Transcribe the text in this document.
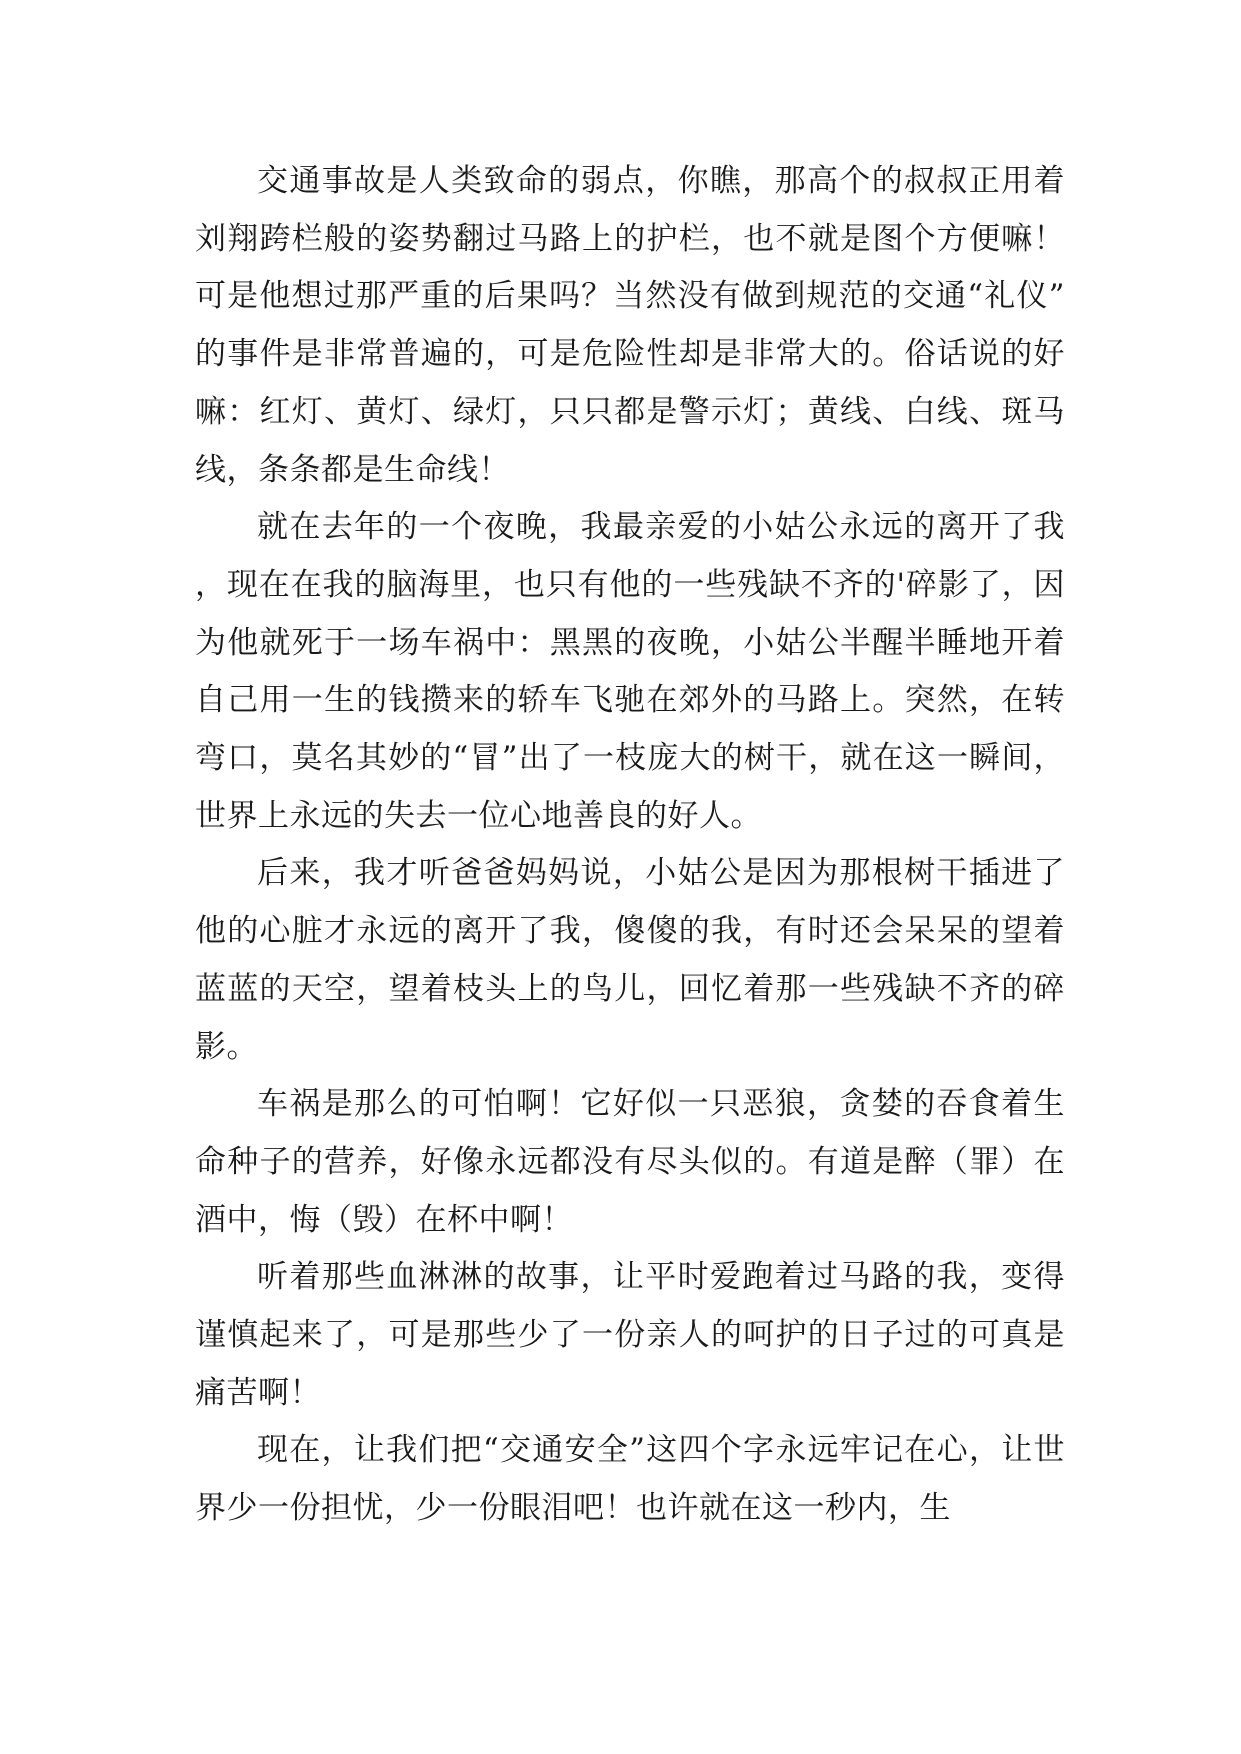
交通事故是人类致命的弱点，你瞧，那高个的叔叔正用着刘翔跨栏般的姿势翻过马路上的护栏，也不就是图个方便嘛！可是他想过那严重的后果吗？当然没有做到规范的交通“礼仪”的事件是非常普遍的，可是危险性却是非常大的。俗话说的好嘛：红灯、黄灯、绿灯，只只都是警示灯；黄线、白线、斑马线，条条都是生命线！

就在去年的一个夜晚，我最亲爱的小姑公永远的离开了我，现在在我的脑海里，也只有他的一些残缺不齐的'碎影了，因为他就死于一场车祸中：黑黑的夜晚，小姑公半醒半睡地开着自己用一生的钱攒来的轿车飞驰在郊外的马路上。突然，在转弯口，莫名其妙的“冒”出了一枝庞大的树干，就在这一瞬间，世界上永远的失去一位心地善良的好人。

后来，我才听爸爸妈妈说，小姑公是因为那根树干插进了他的心脏才永远的离开了我，傻傻的我，有时还会呆呆的望着蓝蓝的天空，望着枝头上的鸟儿，回忆着那一些残缺不齐的碎影。

车祸是那么的可怕啊！它好似一只恶狼，贪婪的吞食着生命种子的营养，好像永远都没有尽头似的。有道是醉（罪）在酒中，悔（毁）在杯中啊！

听着那些血淋淋的故事，让平时爱跑着过马路的我，变得谨慎起来了，可是那些少了一份亲人的呵护的日子过的可真是痛苦啊！

现在，让我们把“交通安全”这四个字永远牢记在心，让世界少一份担忧，少一份眼泪吧！也许就在这一秒内，生
